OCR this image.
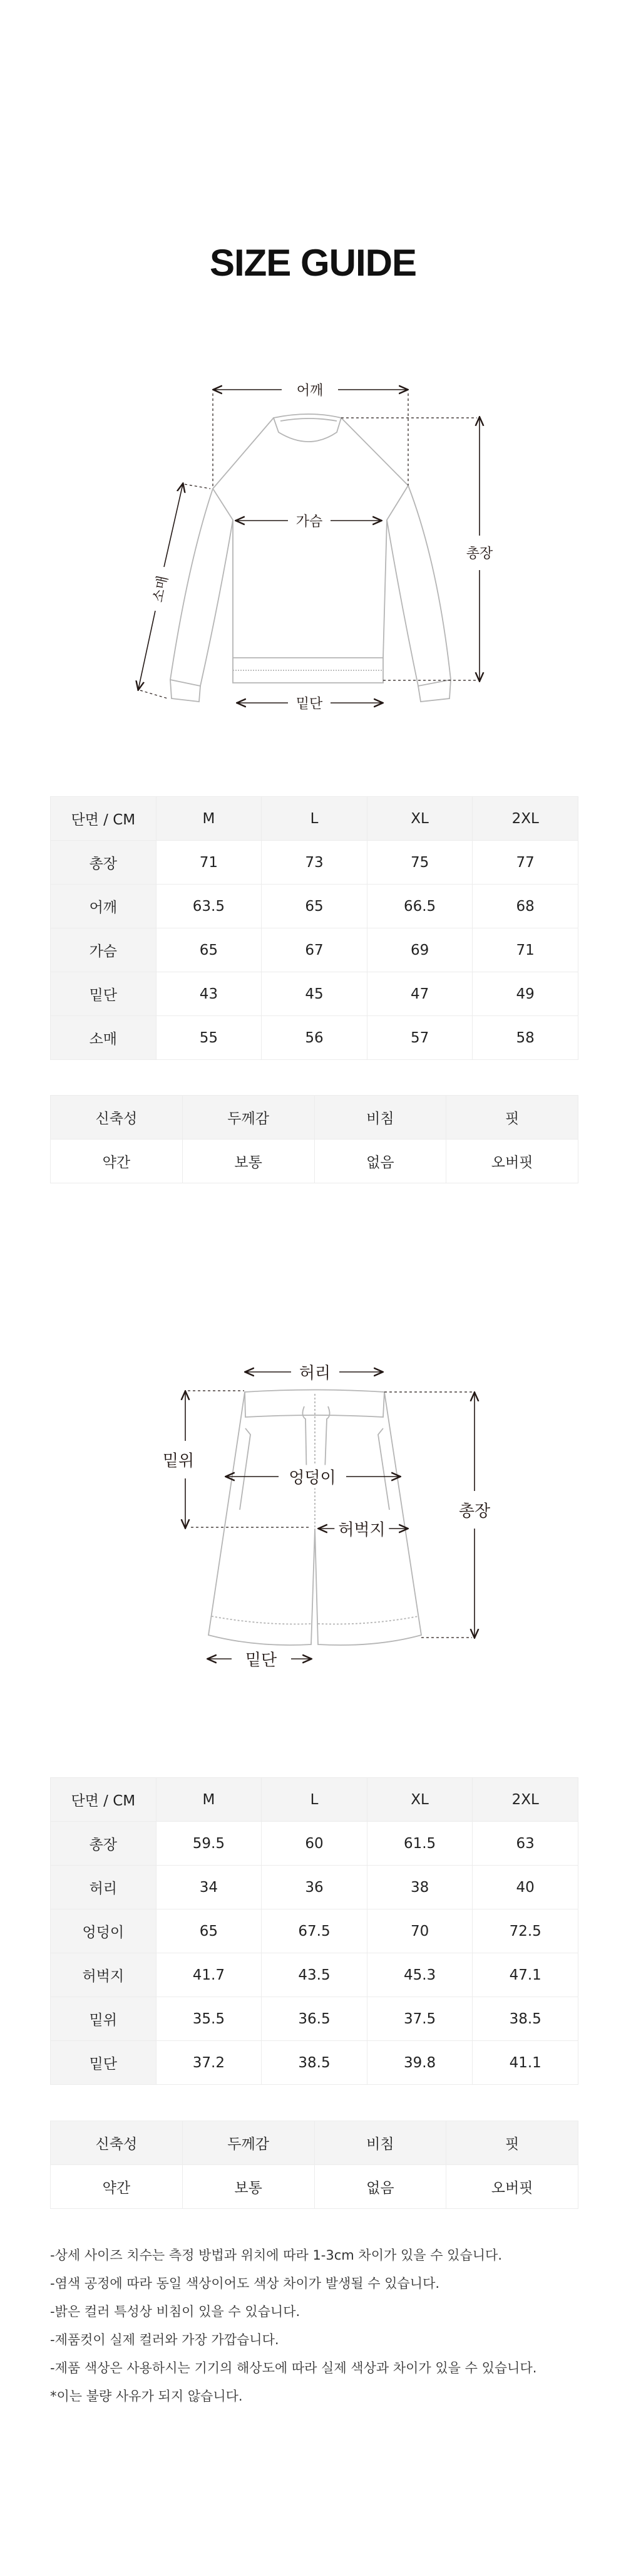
SIZE GUIDE
어깨
가슴
총장
소매
밑단
단면 / CM	M	L	XL	2XL
총장	71	73	75	77
어깨	63.5	65	66.5	68
가슴	65	67	69	71
밑단	43	45	47	49
소매	55	56	57	58
신축성	두께감	비침	핏
약간	보통	없음	오버핏
허리
밑위
엉덩이
허벅지
총장
밑단
단면 / CM	M	L	XL	2XL
총장	59.5	60	61.5	63
허리	34	36	38	40
엉덩이	65	67.5	70	72.5
허벅지	41.7	43.5	45.3	47.1
밑위	35.5	36.5	37.5	38.5
밑단	37.2	38.5	39.8	41.1
신축성	두께감	비침	핏
약간	보통	없음	오버핏
-상세 사이즈 치수는 측정 방법과 위치에 따라 1-3cm 차이가 있을 수 있습니다.
-염색 공정에 따라 동일 색상이어도 색상 차이가 발생될 수 있습니다.
-밝은 컬러 특성상 비침이 있을 수 있습니다.
-제품컷이 실제 컬러와 가장 가깝습니다.
-제품 색상은 사용하시는 기기의 해상도에 따라 실제 색상과 차이가 있을 수 있습니다.
*이는 불량 사유가 되지 않습니다.
